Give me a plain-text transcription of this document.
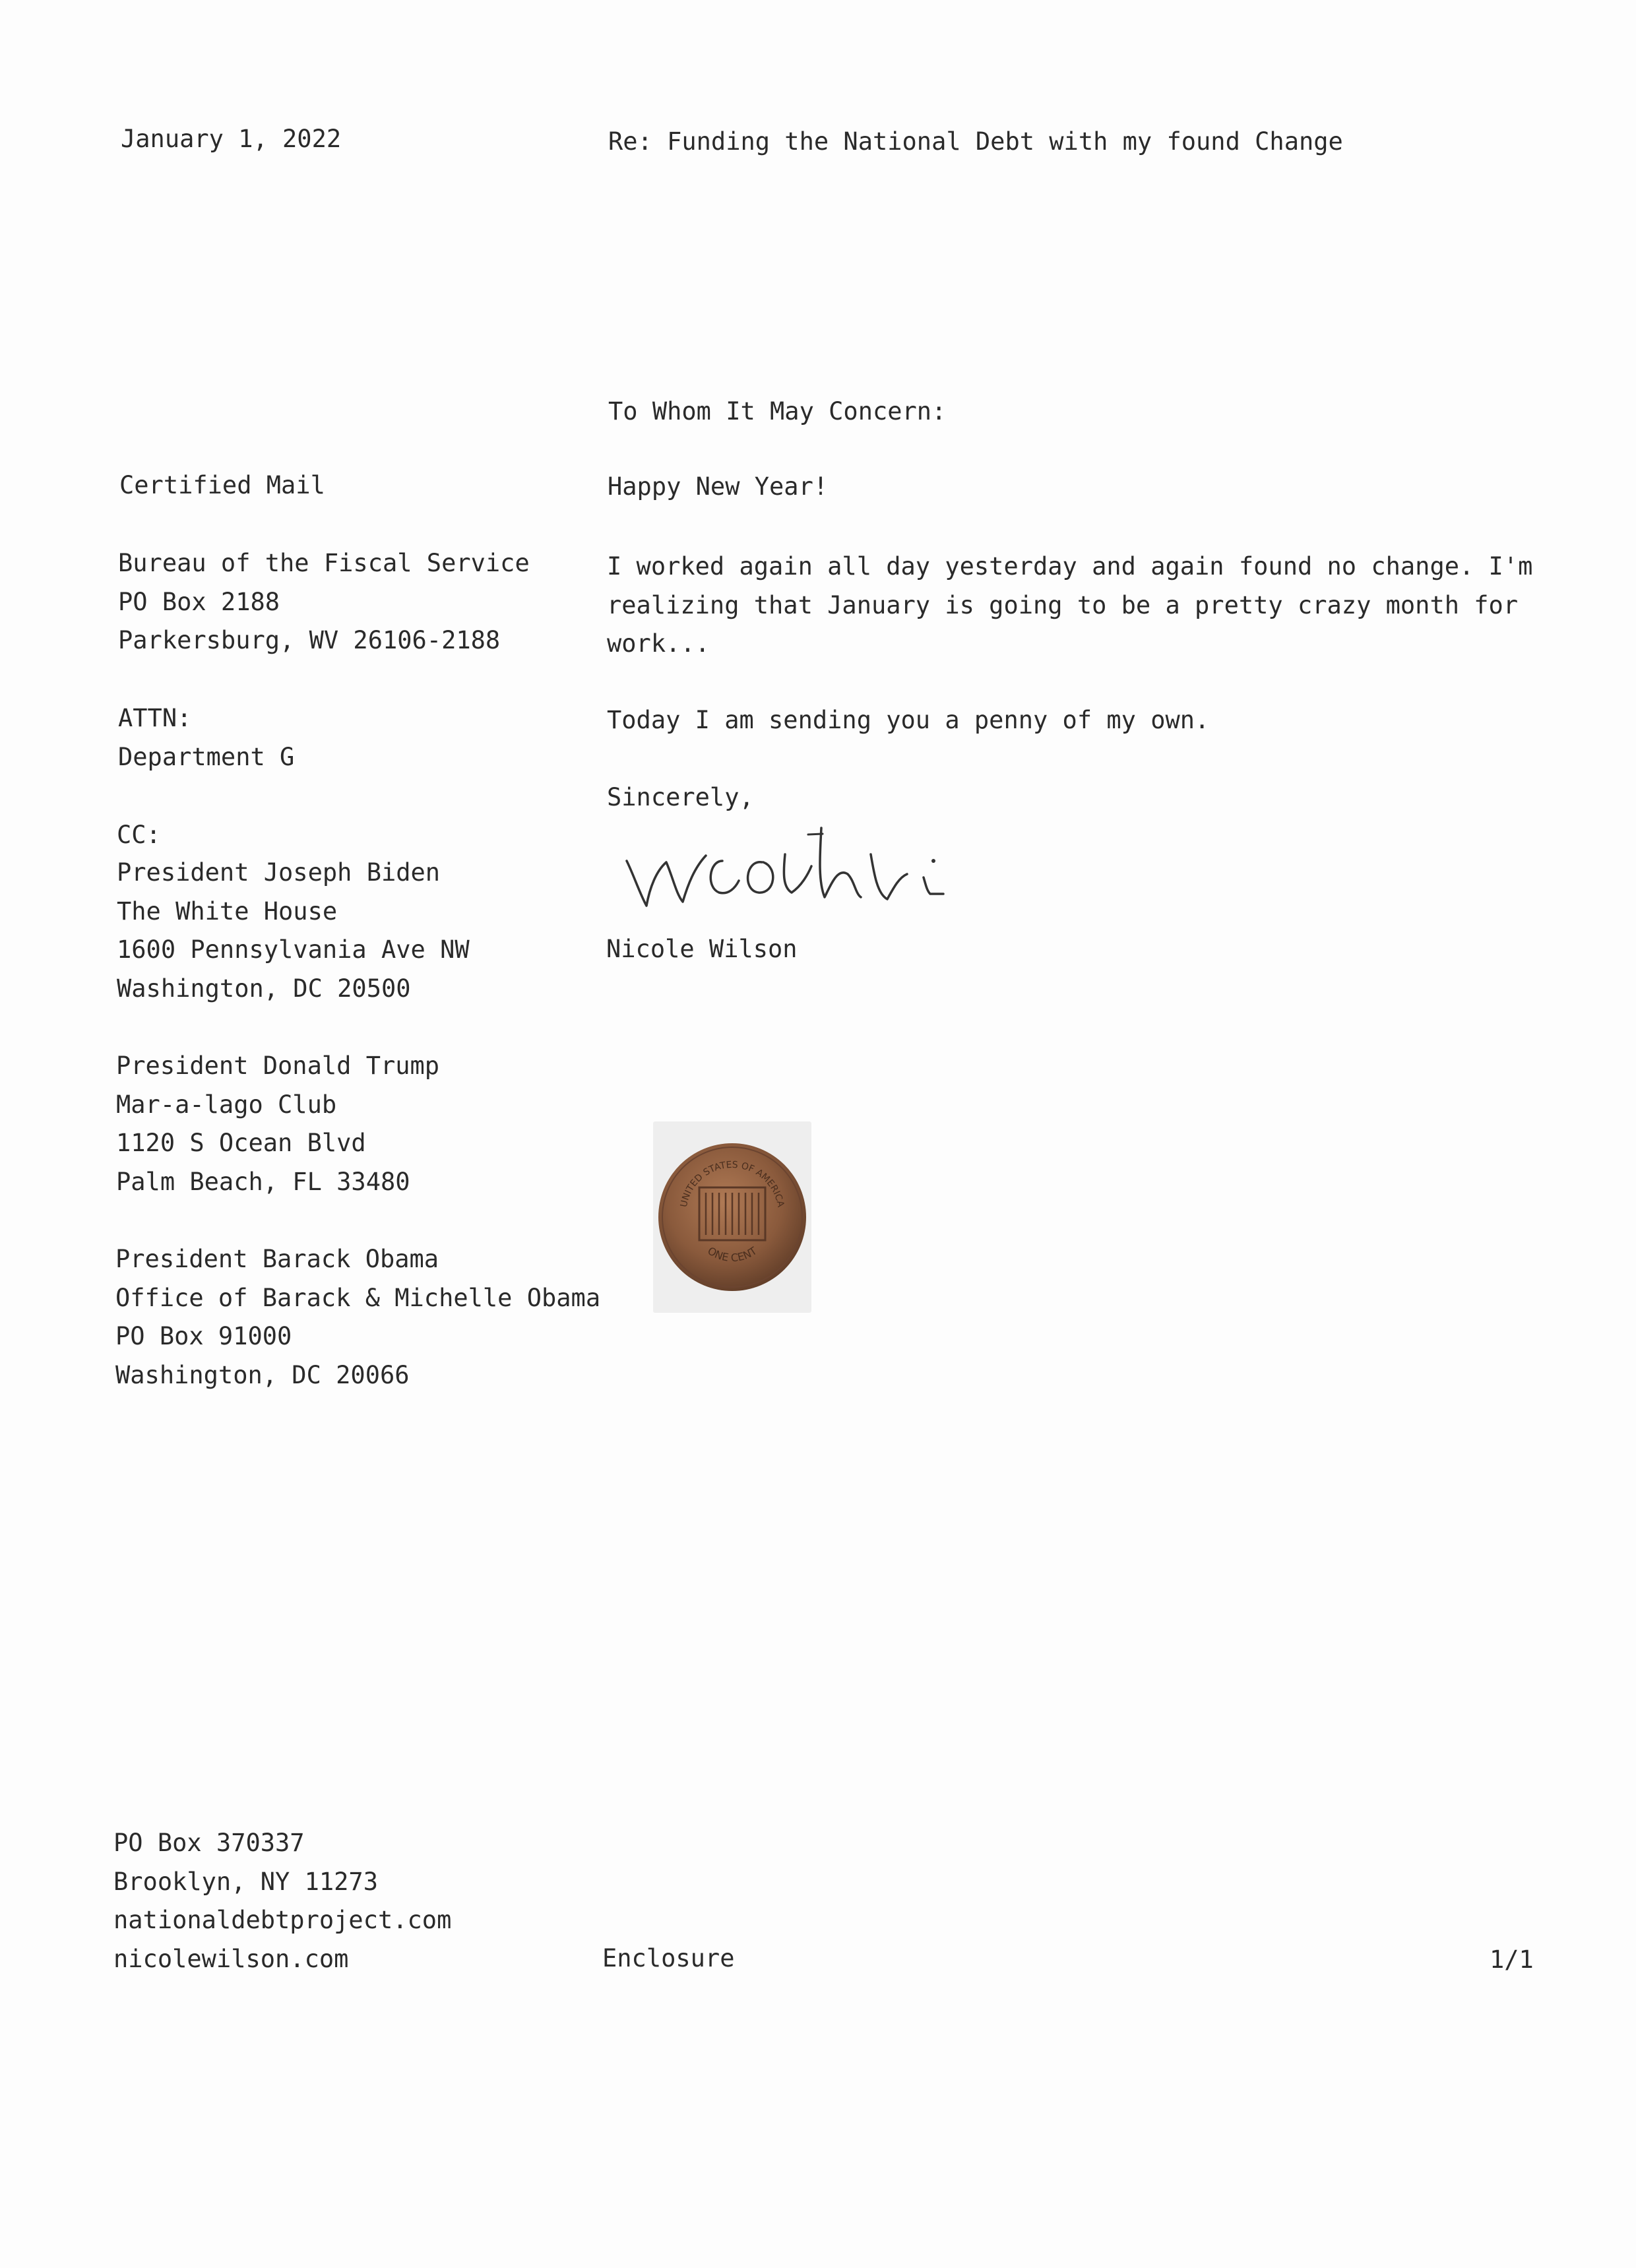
January 1, 2022	Re: Funding the National Debt with my found Change
Certified Mail
Bureau of the Fiscal Service
PO Box 2188
Parkersburg, WV 26106-2188
ATTN:
Department G
CC:
President Joseph Biden
The White House
1600 Pennsylvania Ave NW
Washington, DC 20500
President Donald Trump
Mar-a-lago Club
1120 S Ocean Blvd
Palm Beach, FL 33480
President Barack Obama
Office of Barack & Michelle Obama
PO Box 91000
Washington, DC 20066
To Whom It May Concern:
Happy New Year!
I worked again all day yesterday and again found no change. I'm
realizing that January is going to be a pretty crazy month for
work...
Today I am sending you a penny of my own.
Sincerely,
Nicole Wilson
UNITED STATES OF AMERICA
ONE CENT
PO Box 370337
Brooklyn, NY 11273
nationaldebtproject.com
nicolewilson.com	Enclosure	1/1
